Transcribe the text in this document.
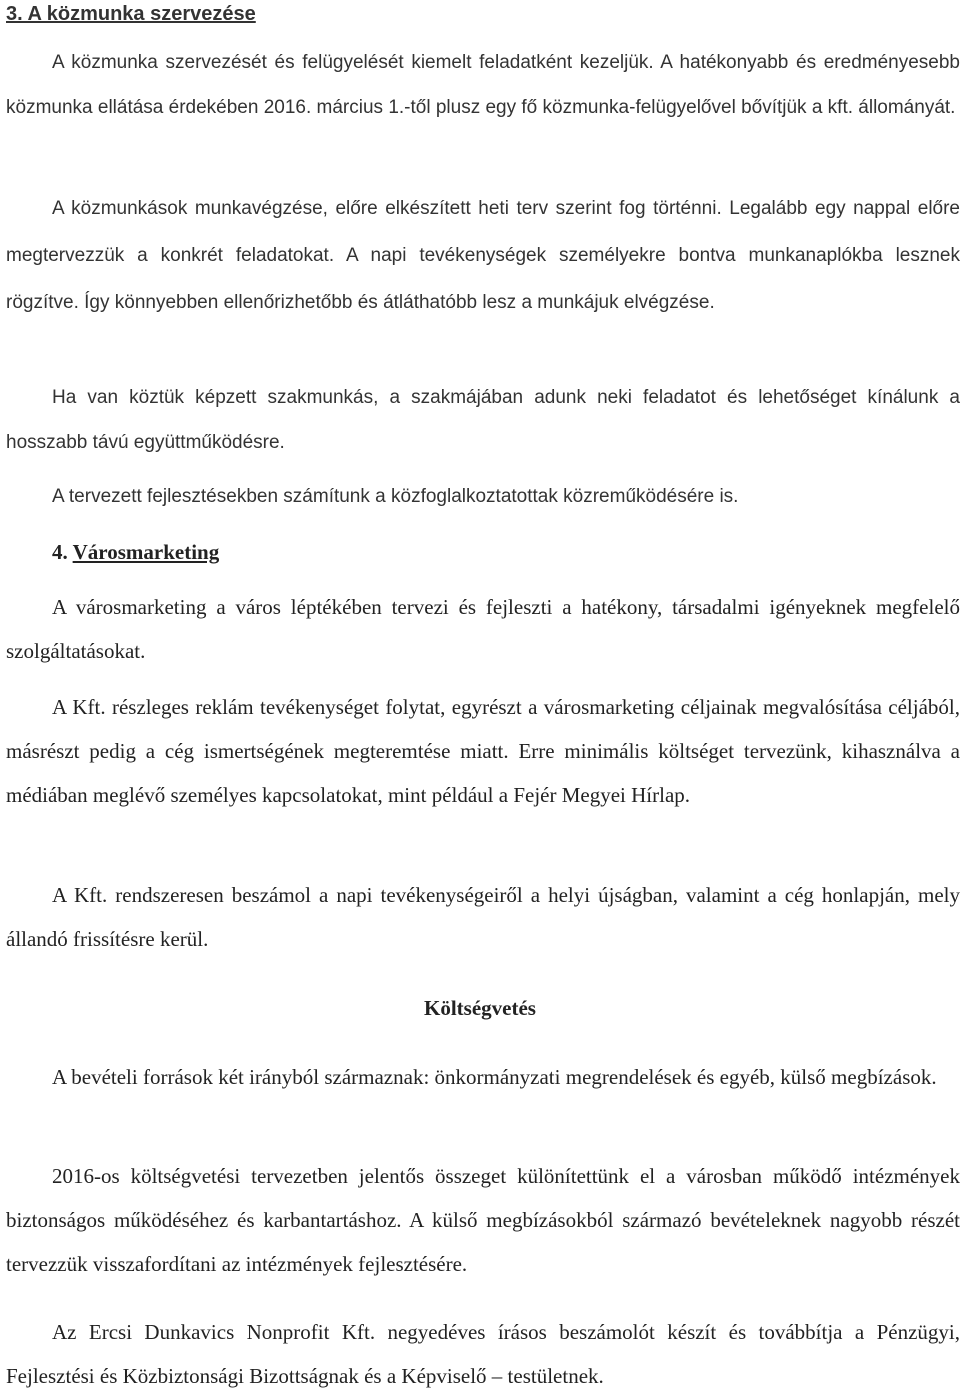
3. A közmunka szervezése
A közmunka szervezését és felügyelését kiemelt feladatként kezeljük. A hatékonyabb és eredményesebb közmunka ellátása érdekében 2016. március 1.-től plusz egy fő közmunka-felügyelővel bővítjük a kft. állományát.
A közmunkások munkavégzése, előre elkészített heti terv szerint fog történni. Legalább egy nappal előre megtervezzük a konkrét feladatokat. A napi tevékenységek személyekre bontva munkanaplókba lesznek rögzítve. Így könnyebben ellenőrizhetőbb és átláthatóbb lesz a munkájuk elvégzése.
Ha van köztük képzett szakmunkás, a szakmájában adunk neki feladatot és lehetőséget kínálunk a hosszabb távú együttműködésre.
A tervezett fejlesztésekben számítunk a közfoglalkoztatottak közreműködésére is.
4. Városmarketing
A városmarketing a város léptékében tervezi és fejleszti a hatékony, társadalmi igényeknek megfelelő szolgáltatásokat.
A Kft. részleges reklám tevékenységet folytat, egyrészt a városmarketing céljainak megvalósítása céljából, másrészt pedig a cég ismertségének megteremtése miatt. Erre minimális költséget tervezünk, kihasználva a médiában meglévő személyes kapcsolatokat, mint például a Fejér Megyei Hírlap.
A Kft. rendszeresen beszámol a napi tevékenységeiről a helyi újságban, valamint a cég honlapján, mely állandó frissítésre kerül.
Költségvetés
A bevételi források két irányból származnak: önkormányzati megrendelések és egyéb, külső megbízások.
2016-os költségvetési tervezetben jelentős összeget különítettünk el a városban működő intézmények biztonságos működéséhez és karbantartáshoz. A külső megbízásokból származó bevételeknek nagyobb részét tervezzük visszafordítani az intézmények fejlesztésére.
Az Ercsi Dunkavics Nonprofit Kft. negyedéves írásos beszámolót készít és továbbítja a Pénzügyi, Fejlesztési és Közbiztonsági Bizottságnak és a Képviselő – testületnek.
